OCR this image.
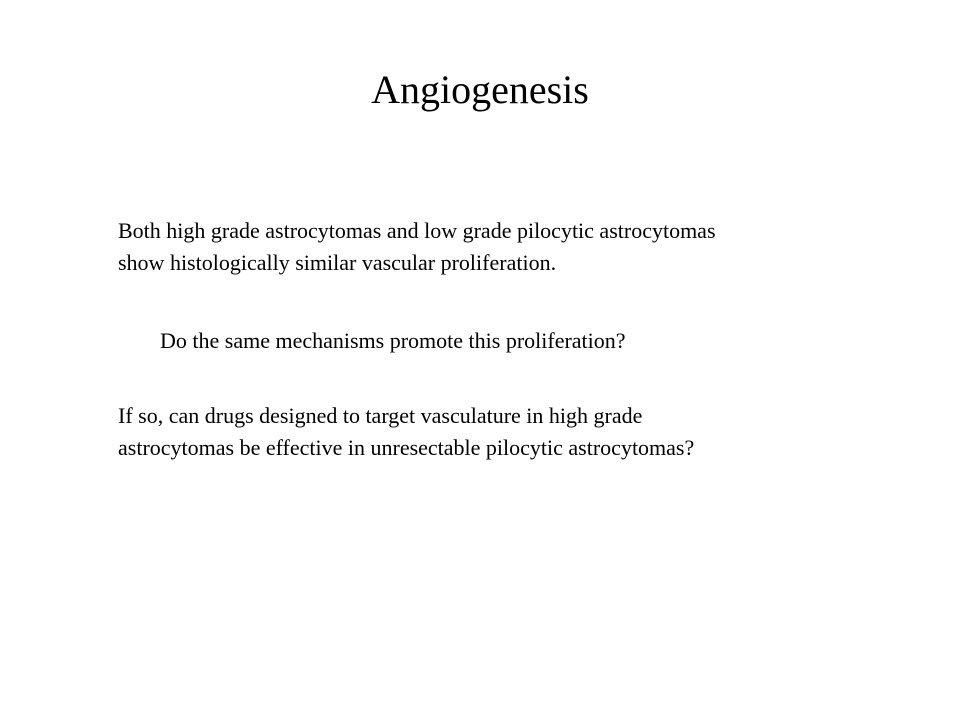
Angiogenesis

Both high grade astrocytomas and low grade pilocytic astrocytomas
show histologically similar vascular proliferation.

Do the same mechanisms promote this proliferation?

If so, can drugs designed to target vasculature in high grade
astrocytomas be effective in unresectable pilocytic astrocytomas?
